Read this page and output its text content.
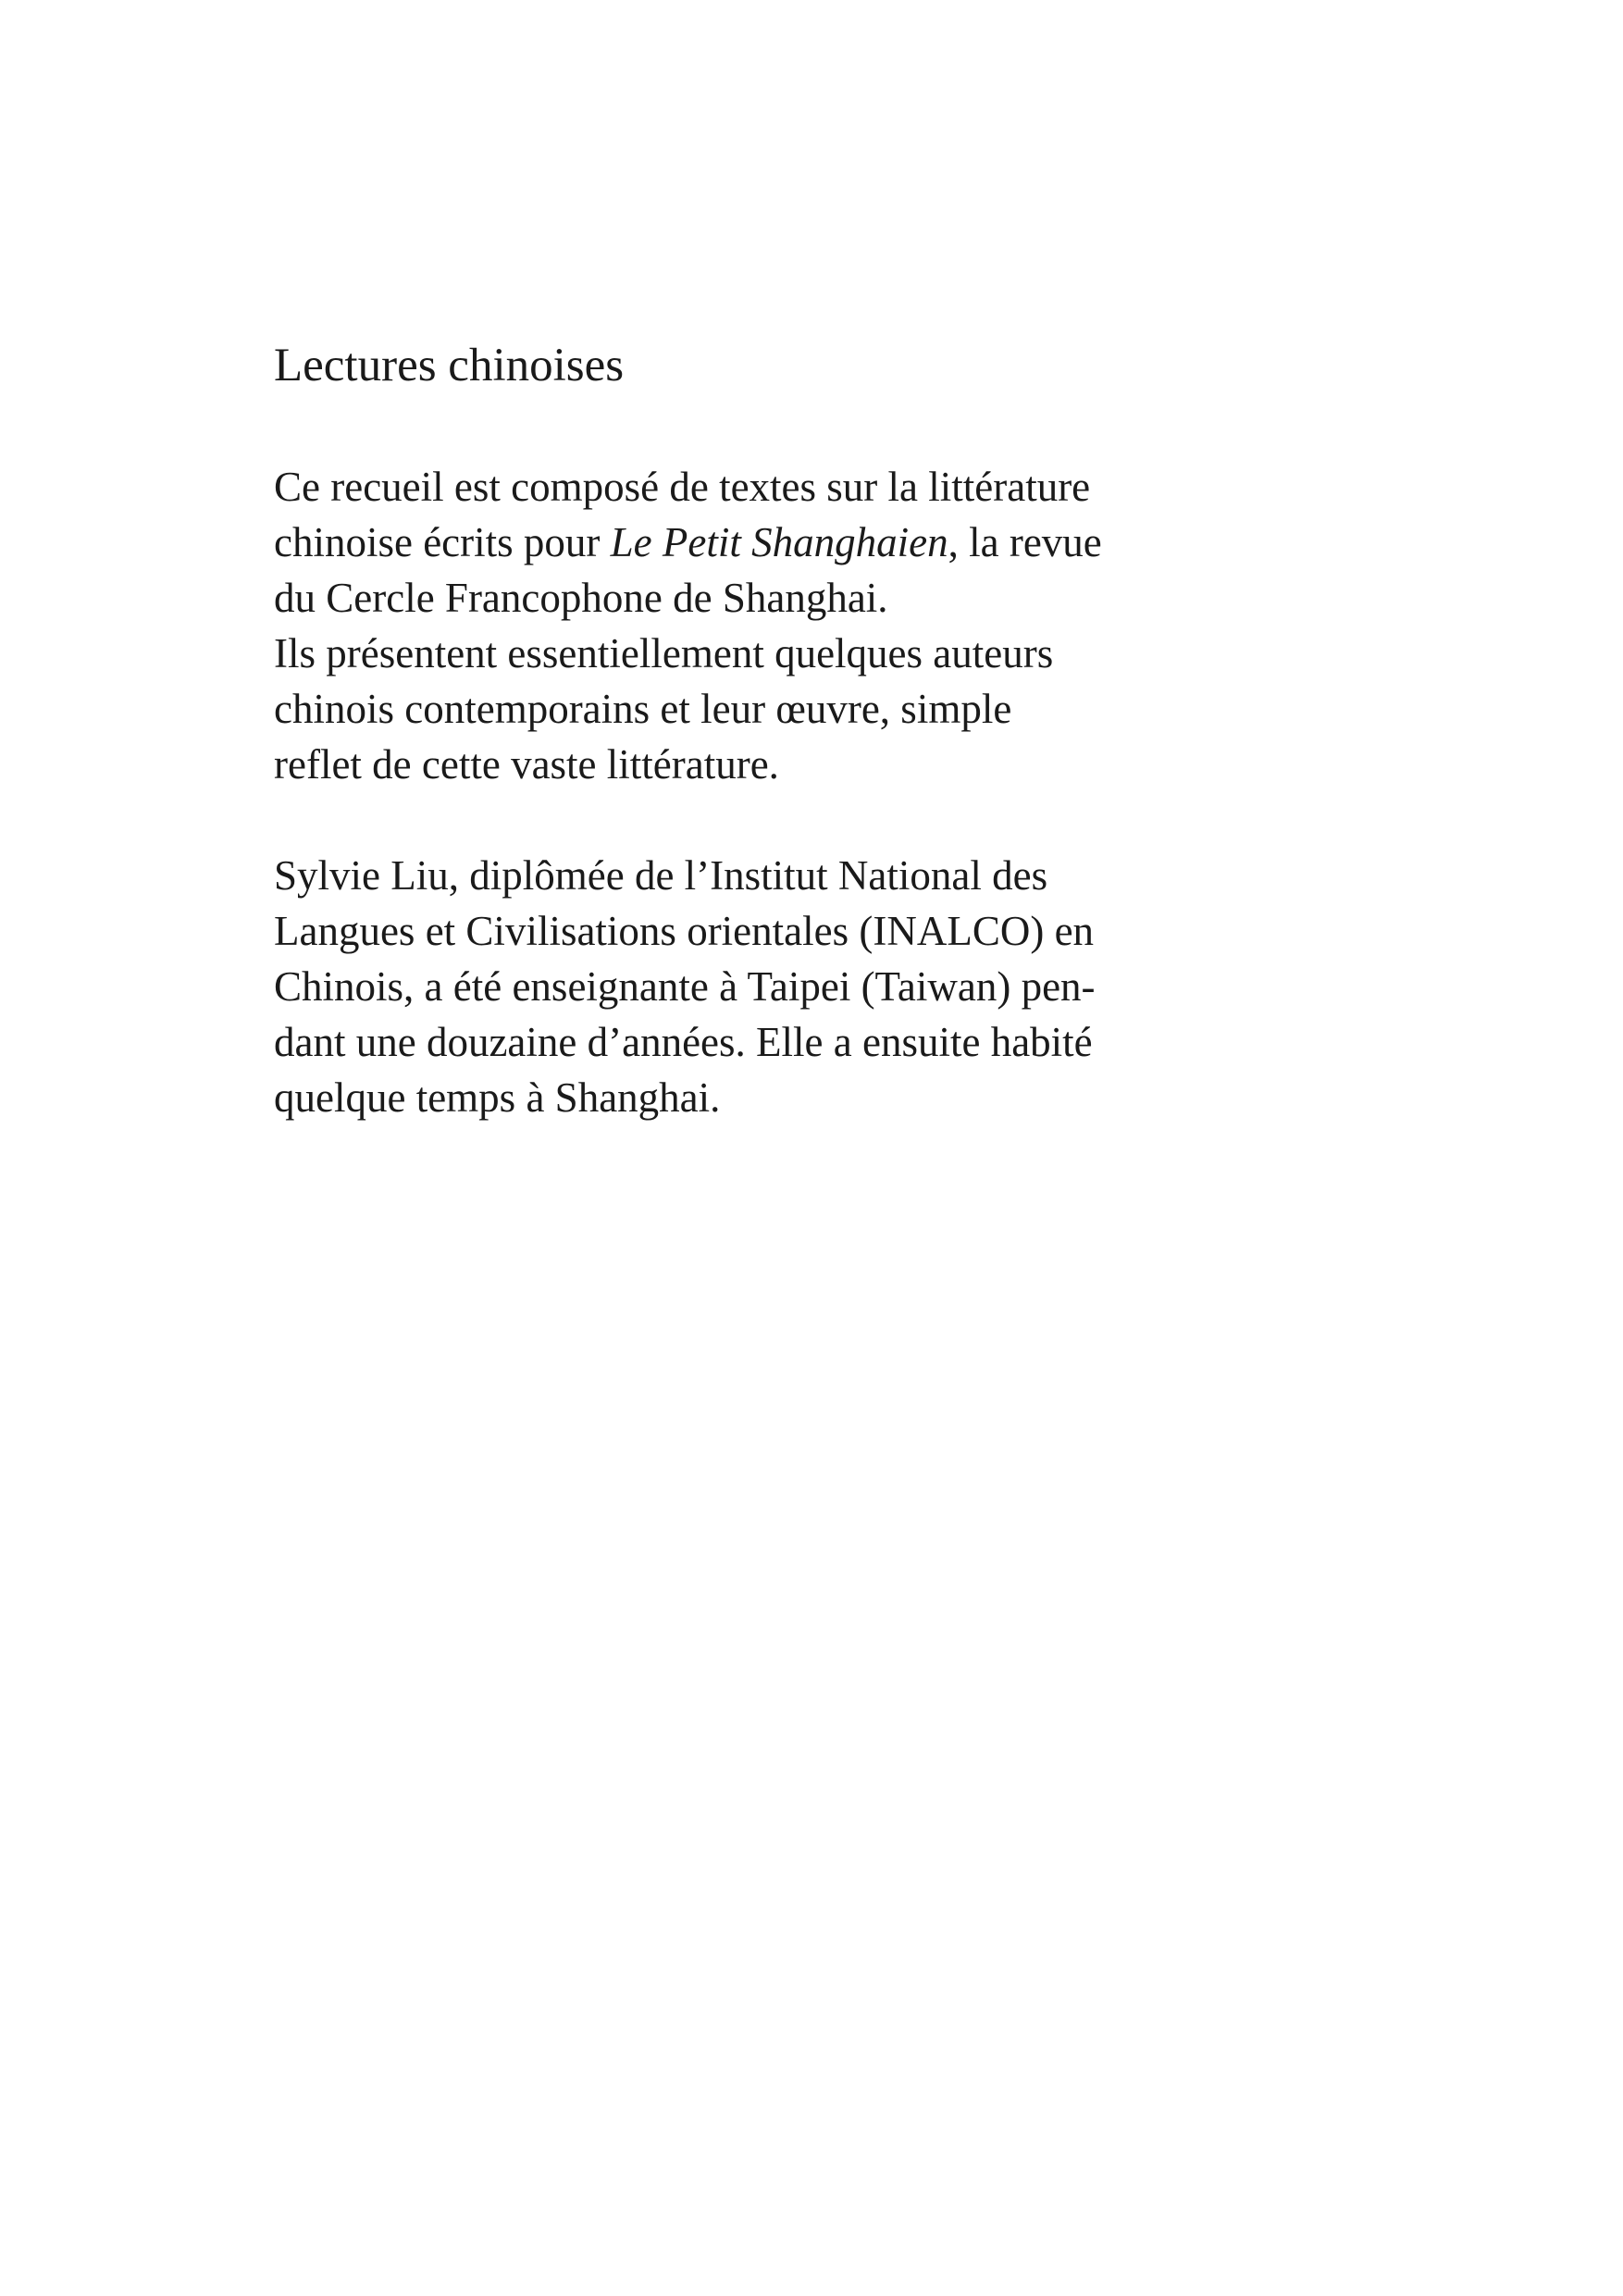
Lectures chinoises

Ce recueil est composé de textes sur la littérature
chinoise écrits pour Le Petit Shanghaien, la revue
du Cercle Francophone de Shanghai.
Ils présentent essentiellement quelques auteurs
chinois contemporains et leur œuvre, simple
reflet de cette vaste littérature.

Sylvie Liu, diplômée de l’Institut National des
Langues et Civilisations orientales (INALCO) en
Chinois, a été enseignante à Taipei (Taiwan) pen-
dant une douzaine d’années. Elle a ensuite habité
quelque temps à Shanghai.
